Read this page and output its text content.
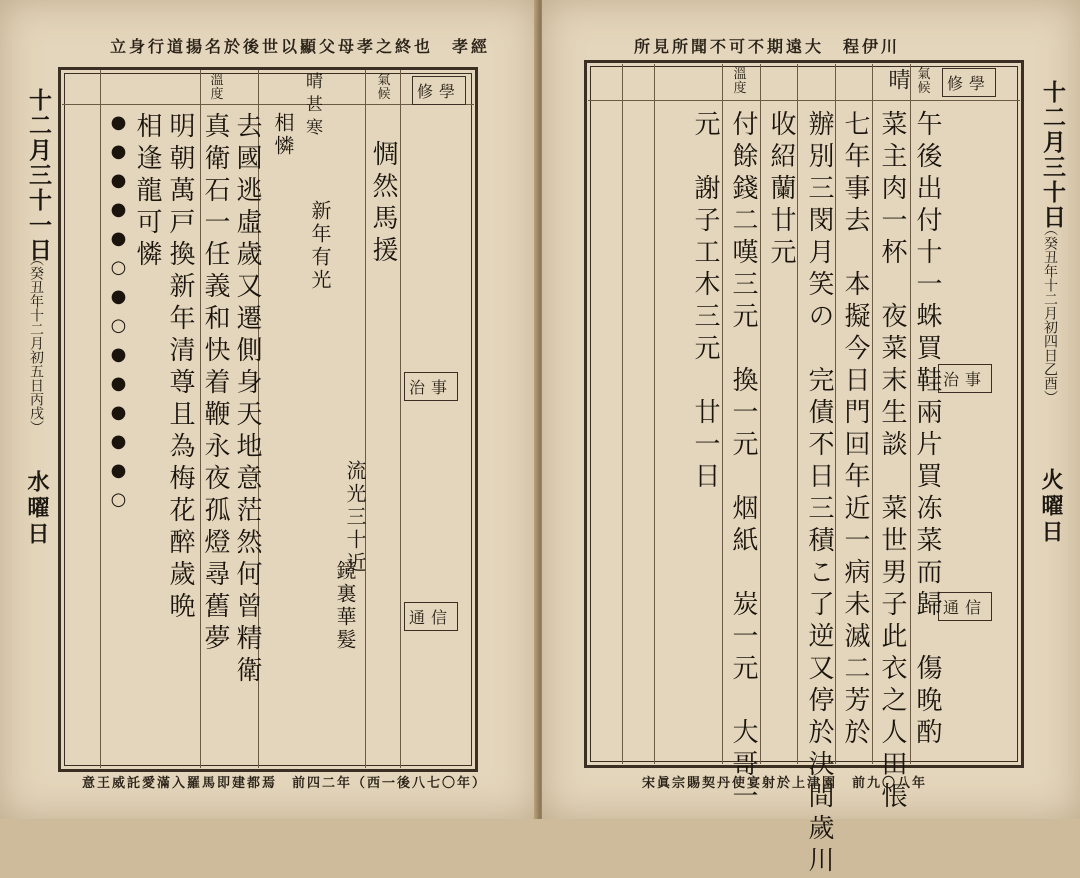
立身行道揚名於後世以顯父母孝之終也　孝經
修學
氣候
溫度
治事
通信
晴甚寒
●●●●●○●○●●●●●○ 相逢龍可憐 明朝萬戸換新年清尊且為梅花醉歲晩 真衛石一任義和快着鞭永夜孤燈尋舊夢 去國逃虛歲又遷側身天地意茫然何曾精衛 相憐
新年有光 惆然馬援
流光三十近
鏡裏華髮
十二月三十一日
（癸丑年十二月初五日丙戌）
水曜日
意王威託愛滿入羅馬即建都焉　前四二年（西一後八七〇年）
所見所聞不可不期遠大　程伊川
修學
氣候
溫度
治事
通信
晴
午後出付十一蛛買鞋兩片買冻菜而歸　傷晚酌
菜主肉一杯　夜菜末生談　菜世男子此衣之人田悵
七年事去　本擬今日門回年近一病未滅二芳於
辦別三閔月笑の　完債不日三積こ了逆又停於決間歲川
收紹蘭廿元
付餘錢二嘆三元　換一元　烟紙　炭一元　大哥一
元　謝子工木三元　廿一日	十二月三十日
（癸丑年十二月初四日乙酉）
火曜日
宋眞宗賜契丹使宴射於上津園　前九〇八年
